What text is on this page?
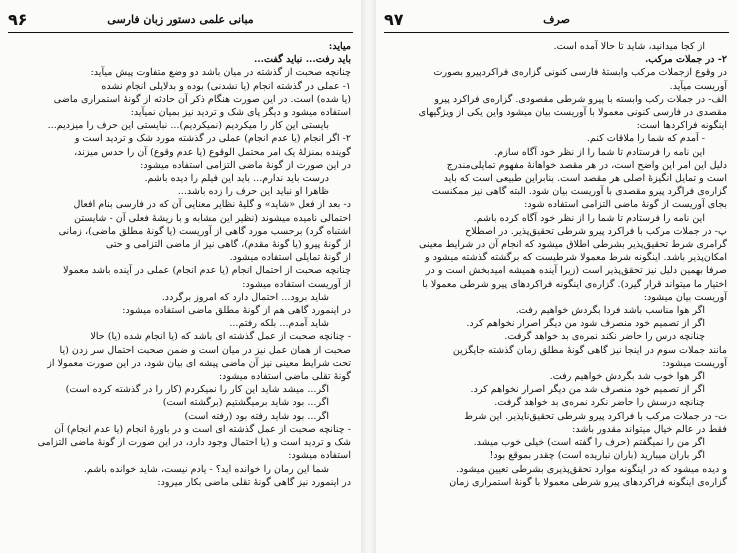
۹۶	مبانی علمی دستور زبان فارسی

میاید:

باید رفت... نباید گفت...

چنانچه صحبت از گذشته در میان باشد دو وضع متفاوت پیش میآید:

۱- عملی در گذشته انجام (یا نشدنی) بوده و بدلایلی انجام نشده

(یا شده) است. در این صورت هنگام ذکر آن حادثه از گونهٔ استمراری ماضی

استفاده میشود و دیگر پای شک و تردید نیز بمیان نمیآید:

بایستی این کار را میکردیم (نمیکردیم)... نبایستی این حرف را میزدیم...

۲- اگر انجام (یا عدم انجام) عملی در گذشته مورد شک و تردید است و

گوینده بمنزلهٔ یک امر محتمل الوقوع (یا عدم وقوع) آن را حدس میزند،

در این صورت از گونهٔ ماضی التزامی استفاده میشود:

درست باید ندارم... باید این فیلم را دیده باشم.

ظاهرا او نباید این حرف را زده باشد...

د- بعد از فعل «شاید» و گلیهٔ نظایر معنایی آن که در فارسی بنام افعال

احتمالی نامیده میشوند (نظیر این مشابه و با ریشهٔ فعلی آن - شایستن

اشتباه گرد) برحسب مورد گاهی از آوریست (یا گونهٔ مطلق ماضی)، زمانی

از گونهٔ پیرو (یا گونهٔ مقدم)، گاهی نیز از ماضی التزامی و حتی

از گونهٔ تمایلی استفاده میشود.

چنانچه صحبت از احتمال انجام (یا عدم انجام) عملی در آینده باشد معمولا

از آوریست استفاده میشود:

شاید برود... احتمال دارد که امروز برگردد.

در اینمورد گاهی هم از گونهٔ مطلق ماضی استفاده میشود:

شاید آمدم... بلکه رفتم...

- چنانچه صحبت از عمل گذشته ای باشد که (یا انجام شده (یا) حالا

صحبت از همان عمل نیز در میان است و ضمن صحبت احتمال سر زدن (یا

تحت شرایط معینی نیز آن ماضی پیشه ای بیان شود، در این صورت معمولا از

گونهٔ تقلی ماضی استفاده میشود:

اگر... میشد شاید این کار را نمیکردم (کار را در گذشته کرده است)

اگر... بود شاید برمیگشتیم (برگشته است)

اگر... بود شاید رفته بود (رفته است)

- چنانچه صحبت از عمل گذشته ای است و در باورهٔ انجام (یا عدم انجام) آن

شک و تردید است و (یا احتمال وجود دارد، در این صورت از گونهٔ ماضی التزامی

استفاده میشود:

شما این رمان را خوانده اید؟ - یادم نیست، شاید خوانده باشم.

در اینمورد نیز گاهی گونهٔ تقلی ماضی بکار میرود:

۹۷	صرف

از کجا میدانید، شاید تا حالا آمده است.

۲- در جملات مرکب.

در وقوع ازجملات مرکب وابستهٔ فارسی کنونی گزاره‌ی فراکردپیرو بصورت

آوریست میآید.

الف- در جملات رکب وابسته با پیرو شرطی مقصودی. گزاره‌ی فراکرد پیرو

مقصدی در فارسی کنونی معمولا با آوریست بیان میشود واین یکی از ویژگیهای

اینگونه فراکردها است:

- آمدم که شما را ملاقات کنم.

این نامه را فرستادم تا شما را از نظر خود آگاه سازم.

دلیل این امر این واضح است، در هر مقصد خواهانهٔ مفهوم تمایلی‌مندرج

است و تمایل انگیزهٔ اصلی هر مقصد است. بنابراین طبیعی است که باید

گزاره‌ی فراگرد پیرو مقصدی با آوریست بیان شود. البته گاهی نیز ممکنست

بجای آوریست از گونهٔ ماضی التزامی استفاده شود:

این نامه را فرستادم تا شما را از نظر خود آگاه کرده باشم.

پ- در جملات مرکب با فراکرد پیرو شرطی تحقیق‌پذیر. در اصطلاح

گرامری شرط تحقیق‌پذیر بشرطی اطلاق میشود که انجام آن در شرایط معینی

امکان‌پذیر باشد. اینگونه شرط معمولا شرطیست که برگشته گذشته میشود و

صرفا بهمین دلیل نیز تحقق‌پذیر است (زیرا آینده همیشه امیدبخش است و در

اختیار ما میتواند قرار گیرد). گزاره‌ی اینگونه فراکردهای پیرو شرطی معمولا با

آوریست بیان میشود:

اگر هوا مناسب باشد فردا بگردش خواهیم رفت.

اگر از تصمیم خود منصرف شود من دیگر اصرار نخواهم کرد.

چنانچه درس را حاضر نکند نمره‌ی بد خواهد گرفت.

مانند جملات سوم در اینجا نیز گاهی گونهٔ مطلق زمان گذشته جایگزین

آوریست میشود:

اگر هوا خوب شد بگردش خواهیم رفت.

اگر از تصمیم خود منصرف شد من دیگر اصرار نخواهم کرد.

چنانچه درسش را حاضر نکرد نمره‌ی بد خواهد گرفت.

ت- در جملات مرکب با فراکرد پیرو شرطی تحقیق‌ناپذیر. این شرط

فقط در عالم خیال میتواند مقدور باشد:

اگر من را نمیگفتم (حرف را گفته است) خیلی خوب میشد.

اگر باران میبارید (باران نباریده است) چقدر بموقع بود!

و دیده میشود که در اینگونه موارد تحقق‌پذیری بشرطی تعیین میشود.

گزاره‌ی اینگونه فراکردهای پیرو شرطی معمولا با گونهٔ استمراری زمان
